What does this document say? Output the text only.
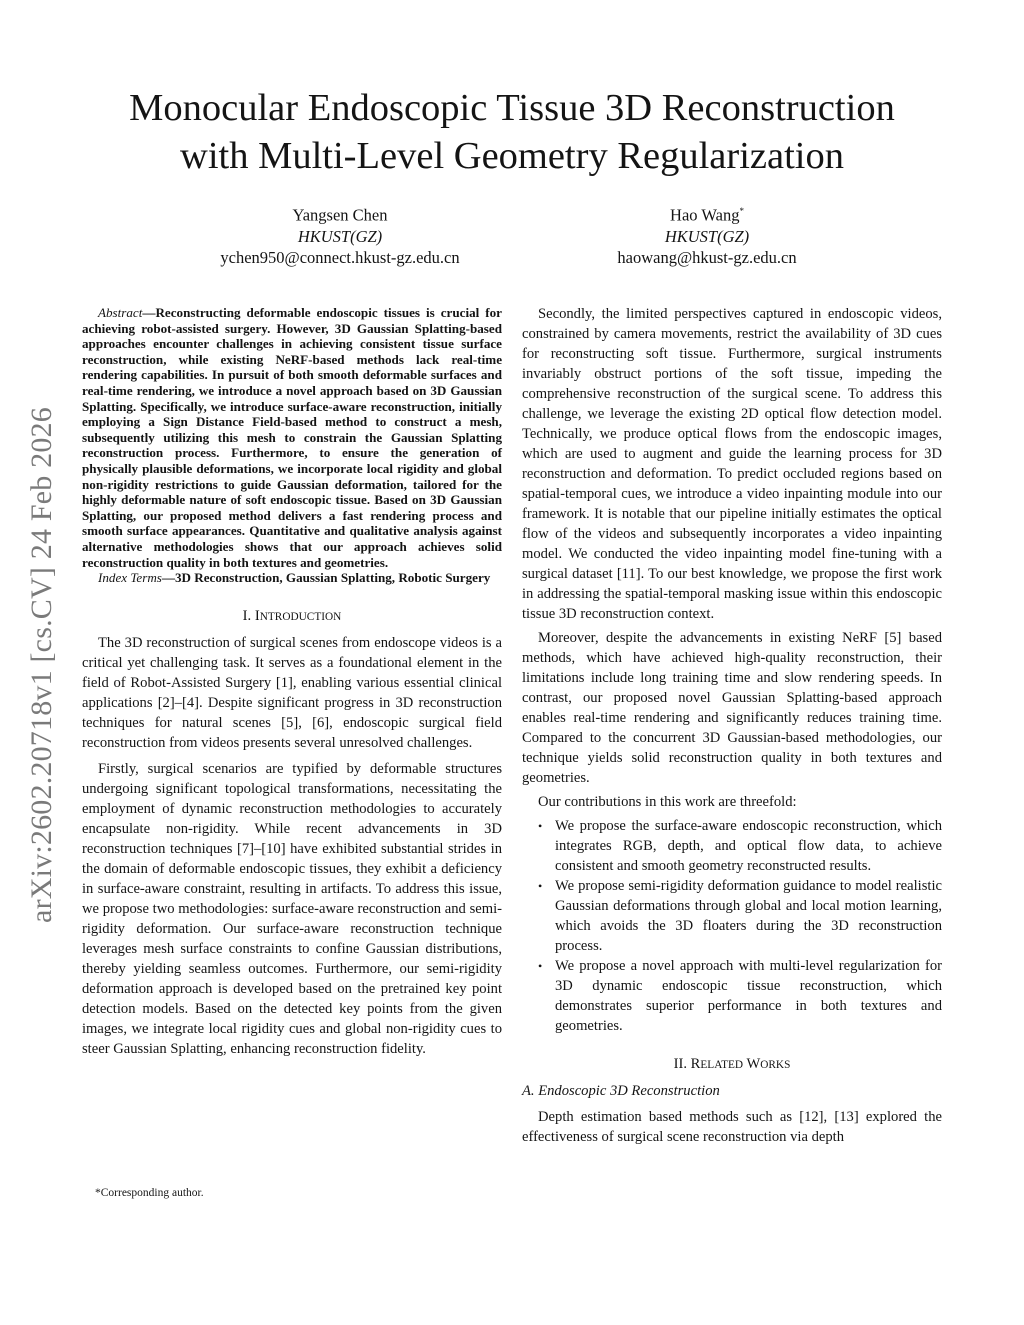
Monocular Endoscopic Tissue 3D Reconstruction
with Multi-Level Geometry Regularization
Yangsen Chen
HKUST(GZ)
ychen950@connect.hkust-gz.edu.cn
Hao Wang*
HKUST(GZ)
haowang@hkust-gz.edu.cn
arXiv:2602.20718v1 [cs.CV] 24 Feb 2026

Abstract—Reconstructing deformable endoscopic tissues is crucial for achieving robot-assisted surgery. However, 3D Gaussian Splatting-based approaches encounter challenges in achieving consistent tissue surface reconstruction, while existing NeRF-based methods lack real-time rendering capabilities. In pursuit of both smooth deformable surfaces and real-time rendering, we introduce a novel approach based on 3D Gaussian Splatting. Specifically, we introduce surface-aware reconstruction, initially employing a Sign Distance Field-based method to construct a mesh, subsequently utilizing this mesh to constrain the Gaussian Splatting reconstruction process. Furthermore, to ensure the generation of physically plausible deformations, we incorporate local rigidity and global non-rigidity restrictions to guide Gaussian deformation, tailored for the highly deformable nature of soft endoscopic tissue. Based on 3D Gaussian Splatting, our proposed method delivers a fast rendering process and smooth surface appearances. Quantitative and qualitative analysis against alternative methodologies shows that our approach achieves solid reconstruction quality in both textures and geometries.

Index Terms—3D Reconstruction, Gaussian Splatting, Robotic Surgery

I. INTRODUCTION

The 3D reconstruction of surgical scenes from endoscope videos is a critical yet challenging task. It serves as a foundational element in the field of Robot-Assisted Surgery [1], enabling various essential clinical applications [2]–[4]. Despite significant progress in 3D reconstruction techniques for natural scenes [5], [6], endoscopic surgical field reconstruction from videos presents several unresolved challenges.

Firstly, surgical scenarios are typified by deformable structures undergoing significant topological transformations, necessitating the employment of dynamic reconstruction methodologies to accurately encapsulate non-rigidity. While recent advancements in 3D reconstruction techniques [7]–[10] have exhibited substantial strides in the domain of deformable endoscopic tissues, they exhibit a deficiency in surface-aware constraint, resulting in artifacts. To address this issue, we propose two methodologies: surface-aware reconstruction and semi-rigidity deformation. Our surface-aware reconstruction technique leverages mesh surface constraints to confine Gaussian distributions, thereby yielding seamless outcomes. Furthermore, our semi-rigidity deformation approach is developed based on the pretrained key point detection models. Based on the detected key points from the given images, we integrate local rigidity cues and global non-rigidity cues to steer Gaussian Splatting, enhancing reconstruction fidelity.

*Corresponding author.

Secondly, the limited perspectives captured in endoscopic videos, constrained by camera movements, restrict the availability of 3D cues for reconstructing soft tissue. Furthermore, surgical instruments invariably obstruct portions of the soft tissue, impeding the comprehensive reconstruction of the surgical scene. To address this challenge, we leverage the existing 2D optical flow detection model. Technically, we produce optical flows from the endoscopic images, which are used to augment and guide the learning process for 3D reconstruction and deformation. To predict occluded regions based on spatial-temporal cues, we introduce a video inpainting module into our framework. It is notable that our pipeline initially estimates the optical flow of the videos and subsequently incorporates a video inpainting model. We conducted the video inpainting model fine-tuning with a surgical dataset [11]. To our best knowledge, we propose the first work in addressing the spatial-temporal masking issue within this endoscopic tissue 3D reconstruction context.

Moreover, despite the advancements in existing NeRF [5] based methods, which have achieved high-quality reconstruction, their limitations include long training time and slow rendering speeds. In contrast, our proposed novel Gaussian Splatting-based approach enables real-time rendering and significantly reduces training time. Compared to the concurrent 3D Gaussian-based methodologies, our technique yields solid reconstruction quality in both textures and geometries.

Our contributions in this work are threefold:

• We propose the surface-aware endoscopic reconstruction, which integrates RGB, depth, and optical flow data, to achieve consistent and smooth geometry reconstructed results.
• We propose semi-rigidity deformation guidance to model realistic Gaussian deformations through global and local motion learning, which avoids the 3D floaters during the 3D reconstruction process.
• We propose a novel approach with multi-level regularization for 3D dynamic endoscopic tissue reconstruction, which demonstrates superior performance in both textures and geometries.
II. RELATED WORKS
A. Endoscopic 3D Reconstruction

Depth estimation based methods such as [12], [13] explored the effectiveness of surgical scene reconstruction via depth
